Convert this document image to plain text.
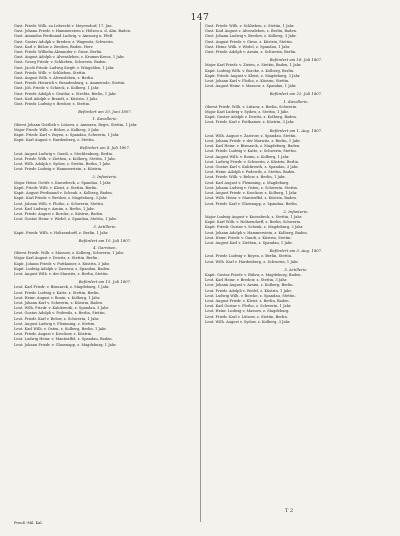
147
Gust. Friedr. Wilh. zu Lebrecht v. Meyersdorf, 17. Jun.
Gust. Johann Friedr. v. Hammerstein z. Hölzen a. d. Alm. Baden.
Gust. Amandus Ferdinand Ludwig, v. Ammorg u. Pfeff.
Gust. Gustav Adolph v. Bredow, z. Wagenitz, Schwerin.
Gust. Karl v. Bülow z. Bredow, Baden. Herr.
Gust. Friedr. Wilhelm Alexander v. Giese, Berlin.
Gust. August Adolph v. Alvensleben, z. Krumm-Kreuz, 1 Jahr.
Gust. Georg Friedr. v. Schlieben, Schwerin. Baden.
Gust. Jacob Friedr. Ludwig Siegfr. v. Wingolden, 1 Jahr.
Gust. Friedr. Wilh. v. Schlieben, Stettin.
Gust. August Wilh. v. Alvensleben, z. Berlin.
Gust. Friedr. Heinrich v. Brandenburg, z. Ammerode, Stettin.
Gust. Joh. Friedr. v. Schieck, z. Kolberg, 1 Jahr.
Gust. Friedr. Adolph v. Gentlar, z. Strelitz, Berlin, 1 Jahr.
Gust. Karl Adolph v. Brandt, z. Küstrin, 3 Jahr.
Gust. Friedr. Ludwig v. Bredow, z. Stettin.
Befördert am 20. Juni 1807.
1. Kavallerie.
Oberst Johann Gottlieb v. Lützow, z. Ammern, Regts. Stettin, 1 Jahr.
Major Friedr. Wilh. v. Bülow, z. Kolberg, 3 Jahr.
Kapit. Friedr. Karl v. Boyen, z. Spandau, Schwerin, 1 Jahr.
Kapit. Karl August v. Hardenberg, z. Stettin.
Befördert am 4. Juli 1807.
Leut. August Ludwig v. Gaudi, z. Mecklenburg, Berlin.
Leut. Friedr. Wilh. v. Ziethen, z. Kolberg, Stettin, 1 Jahr.
Leut. Wilh. Adolph v. Sydow, z. Stettin, Berlin, 1 Jahr.
Leut. Friedr. Ludwig v. Hammerstein, z. Küstrin.
2. Infanterie.
Major Heinr. Gottfr. v. Knesebeck, z. Spandau, 1 Jahr.
Kapit. Friedr. Wilh. v. Kleist, z. Stettin, Berlin.
Kapit. August Ferdinand v. Schenk, z. Kolberg, Baden.
Kapit. Karl Friedr. v. Bredow, z. Magdeburg, 3 Jahr.
Leut. Johann Wilh. v. Plotho, z. Schwerin, Stettin.
Leut. Karl Ludwig v. Arnim, z. Berlin, 1 Jahr.
Leut. Friedr. August v. Borcke, z. Küstrin, Baden.
Leut. Gustav Heinr. v. Wedel, z. Spandau, Stettin, 1 Jahr.
3. Artillerie.
Kapit. Friedr. Wilh. v. Holtzendorff, z. Berlin, 1 Jahr.
Befördert am 10. Juli 1807.
4. Garnison.
Oberst Friedr. Wilh. v. Massow, z. Kolberg, Schwerin, 1 Jahr.
Major Karl August v. Dewitz, z. Stettin, Berlin.
Kapit. Johann Friedr. v. Puttkamer, z. Küstrin, 3 Jahr.
Kapit. Ludwig Adolph v. Zastrow, z. Spandau, Baden.
Leut. August Wilh. v. der Marwitz, z. Berlin, Stettin.
Befördert am 15. Juli 1807.
Leut. Karl Friedr. v. Bismarck, z. Magdeburg, 1 Jahr.
Leut. Friedr. Ludwig v. Katte, z. Stettin, Berlin.
Leut. Heinr. August v. Bonin, z. Kolberg, 1 Jahr.
Leut. Johann Karl v. Schwerin, z. Küstrin, Baden.
Leut. Wilh. Friedr. v. Kalckreuth, z. Spandau, 3 Jahr.
Leut. Gustav Adolph v. Podewils, z. Berlin, Stettin.
Leut. Friedr. Karl v. Below, z. Schwerin, 1 Jahr.
Leut. August Ludwig v. Flemming, z. Stettin.
Leut. Karl Wilh. v. Osten, z. Kolberg, Berlin, 1 Jahr.
Leut. Friedr. August v. Krockow, z. Küstrin.
Leut. Ludwig Heinr. v. Manteuffel, z. Spandau, Baden.
Leut. Johann Friedr. v. Glasenapp, z. Magdeburg, 1 Jahr.
Gust. Friedr. Wilh. v. Schlieben, z. Stettin, 1 Jahr.
Gust. Karl August v. Alvensleben, z. Berlin, Baden.
Gust. Johann Ludwig v. Bredow, z. Kolberg, 3 Jahr.
Gust. August Friedr. v. Giese, z. Küstrin, Stettin.
Gust. Heinr. Wilh. v. Wedel, z. Spandau, 1 Jahr.
Gust. Friedr. Adolph v. Arnim, z. Schwerin, Berlin.
Befördert am 18. Juli 1807.
Major Karl Friedr. v. Zieten, z. Stettin, Baden, 1 Jahr.
Kapit. Ludwig Wilh. v. Borcke, z. Kolberg, Berlin.
Kapit. Friedr. August v. Kleist, z. Magdeburg, 3 Jahr.
Leut. Johann Karl v. Plotho, z. Küstrin, Stettin.
Leut. August Heinr. v. Massow, z. Spandau, 1 Jahr.
Befördert am 22. Juli 1807.
1. Kavallerie.
Oberst Friedr. Wilh. v. Lützow, z. Berlin, Schwerin.
Major Karl Ludwig v. Sydow, z. Stettin, 1 Jahr.
Kapit. Gustav Adolph v. Dewitz, z. Kolberg, Baden.
Leut. Friedr. Karl v. Puttkamer, z. Küstrin, 3 Jahr.
Befördert am 1. Aug. 1807.
Leut. Wilh. August v. Zastrow, z. Spandau, Stettin.
Leut. Johann Friedr. v. der Marwitz, z. Berlin, 1 Jahr.
Leut. Karl Heinr. v. Bismarck, z. Magdeburg, Baden.
Leut. Friedr. Ludwig v. Katte, z. Schwerin, Stettin.
Leut. August Wilh. v. Bonin, z. Kolberg, 1 Jahr.
Leut. Ludwig Friedr. v. Schwerin, z. Küstrin, Berlin.
Leut. Gustav Karl v. Kalckreuth, z. Spandau, 3 Jahr.
Leut. Heinr. Adolph v. Podewils, z. Stettin, Baden.
Leut. Friedr. Wilh. v. Below, z. Berlin, 1 Jahr.
Leut. Karl August v. Flemming, z. Magdeburg.
Leut. Johann Ludwig v. Osten, z. Schwerin, Stettin.
Leut. August Friedr. v. Krockow, z. Kolberg, 1 Jahr.
Leut. Wilh. Heinr. v. Manteuffel, z. Küstrin, Baden.
Leut. Friedr. Karl v. Glasenapp, z. Spandau, Berlin.
2. Infanterie.
Major Ludwig August v. Knesebeck, z. Stettin, 1 Jahr.
Kapit. Karl Wilh. v. Holtzendorff, z. Berlin, Schwerin.
Kapit. Friedr. Gustav v. Schenk, z. Magdeburg, 3 Jahr.
Leut. Johann Adolph v. Hammerstein, z. Kolberg, Baden.
Leut. Heinr. Friedr. v. Gaudi, z. Küstrin, Stettin.
Leut. August Karl v. Ziethen, z. Spandau, 1 Jahr.
Befördert am 5. Aug. 1807.
Leut. Friedr. Ludwig v. Boyen, z. Berlin, Stettin.
Leut. Wilh. Karl v. Hardenberg, z. Schwerin, 1 Jahr.
3. Artillerie.
Kapit. Gustav Friedr. v. Bülow, z. Magdeburg, Baden.
Leut. Karl Heinr. v. Bredow, z. Stettin, 3 Jahr.
Leut. Johann August v. Arnim, z. Kolberg, Berlin.
Leut. Friedr. Adolph v. Wedel, z. Küstrin, 1 Jahr.
Leut. Ludwig Wilh. v. Borcke, z. Spandau, Stettin.
Leut. August Friedr. v. Kleist, z. Berlin, Baden.
Leut. Karl Gustav v. Plotho, z. Schwerin, 1 Jahr.
Leut. Heinr. Ludwig v. Massow, z. Magdeburg.
Leut. Friedr. Karl v. Lützow, z. Stettin, Berlin.
Leut. Wilh. August v. Sydow, z. Kolberg, 3 Jahr.
Preuß.-Mil. Kal.
T 2
